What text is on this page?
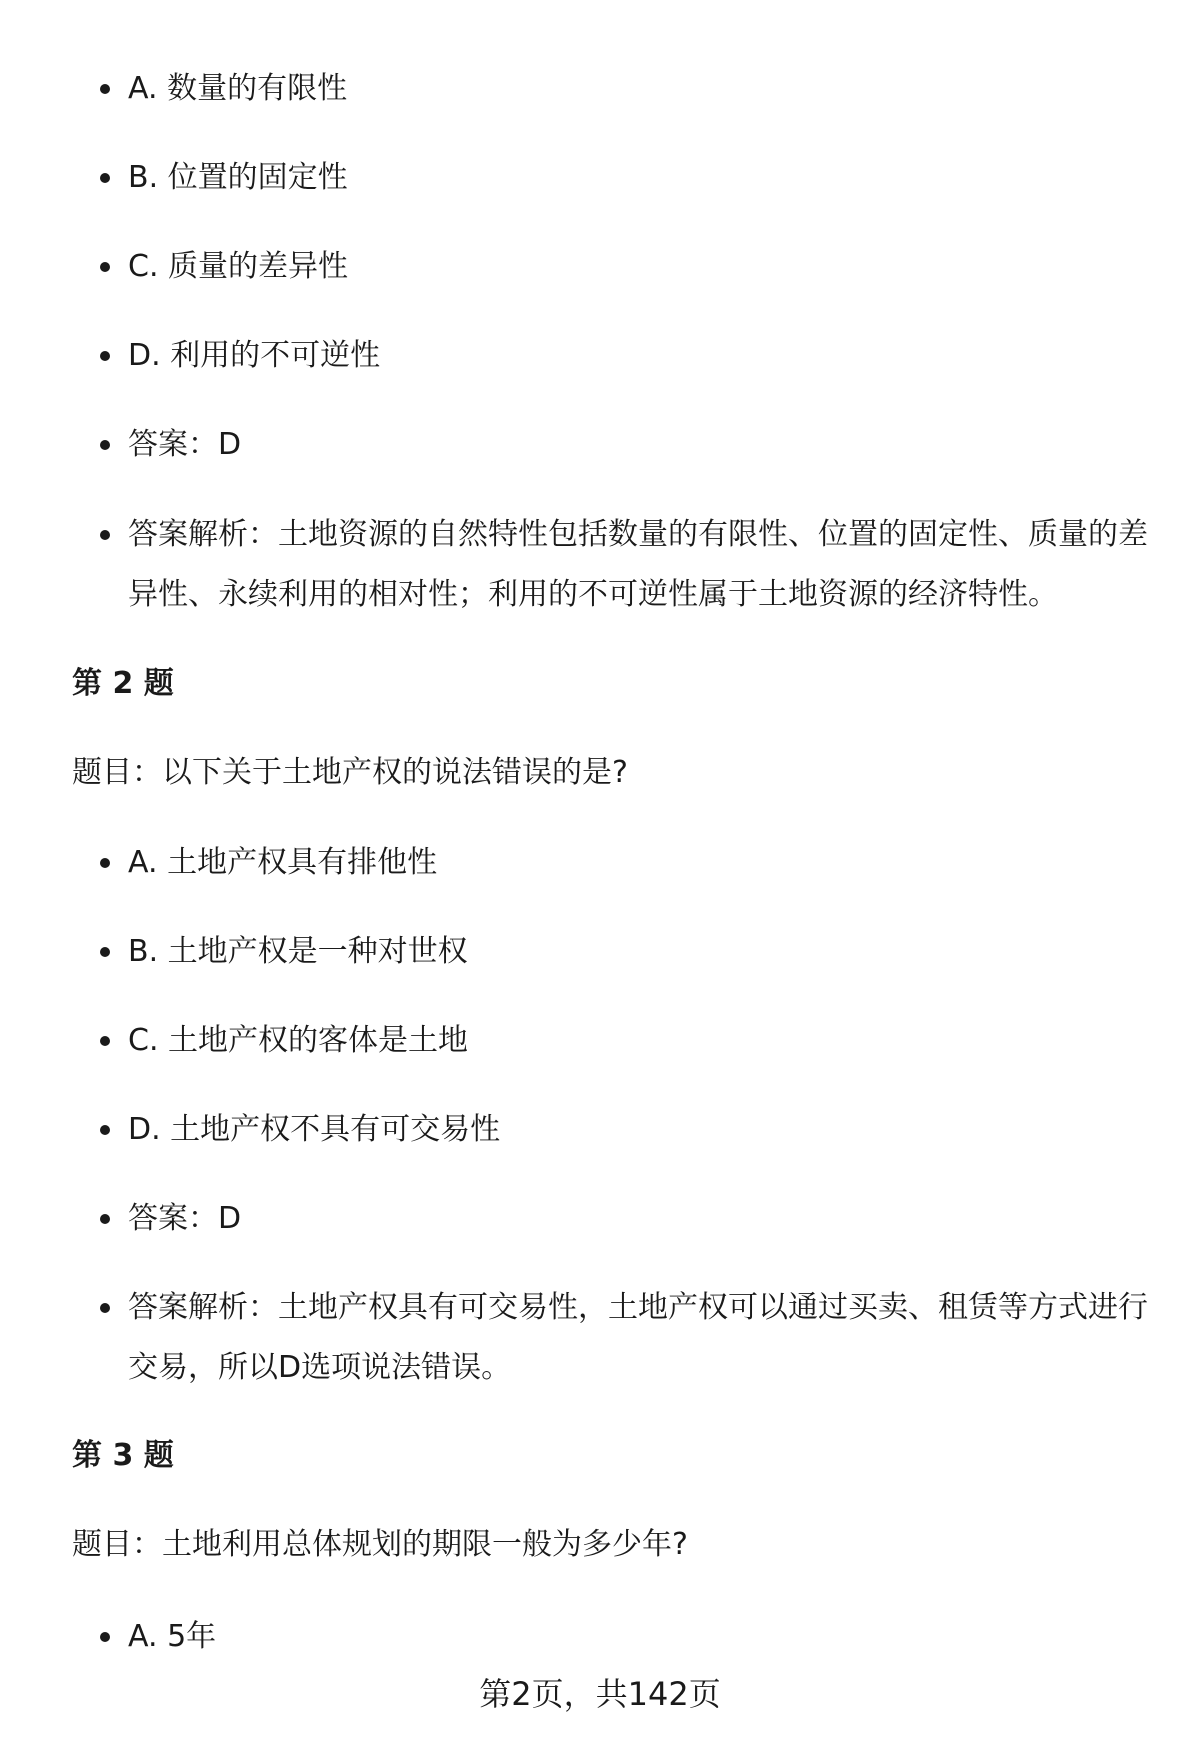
A. 数量的有限性
B. 位置的固定性
C. 质量的差异性
D. 利用的不可逆性
答案：D
答案解析：土地资源的自然特性包括数量的有限性、位置的固定性、质量的差异性、永续利用的相对性；利用的不可逆性属于土地资源的经济特性。
第 2 题
题目：以下关于土地产权的说法错误的是?
A. 土地产权具有排他性
B. 土地产权是一种对世权
C. 土地产权的客体是土地
D. 土地产权不具有可交易性
答案：D
答案解析：土地产权具有可交易性，土地产权可以通过买卖、租赁等方式进行交易，所以D选项说法错误。
第 3 题
题目：土地利用总体规划的期限一般为多少年?
A. 5年
第2页，共142页
